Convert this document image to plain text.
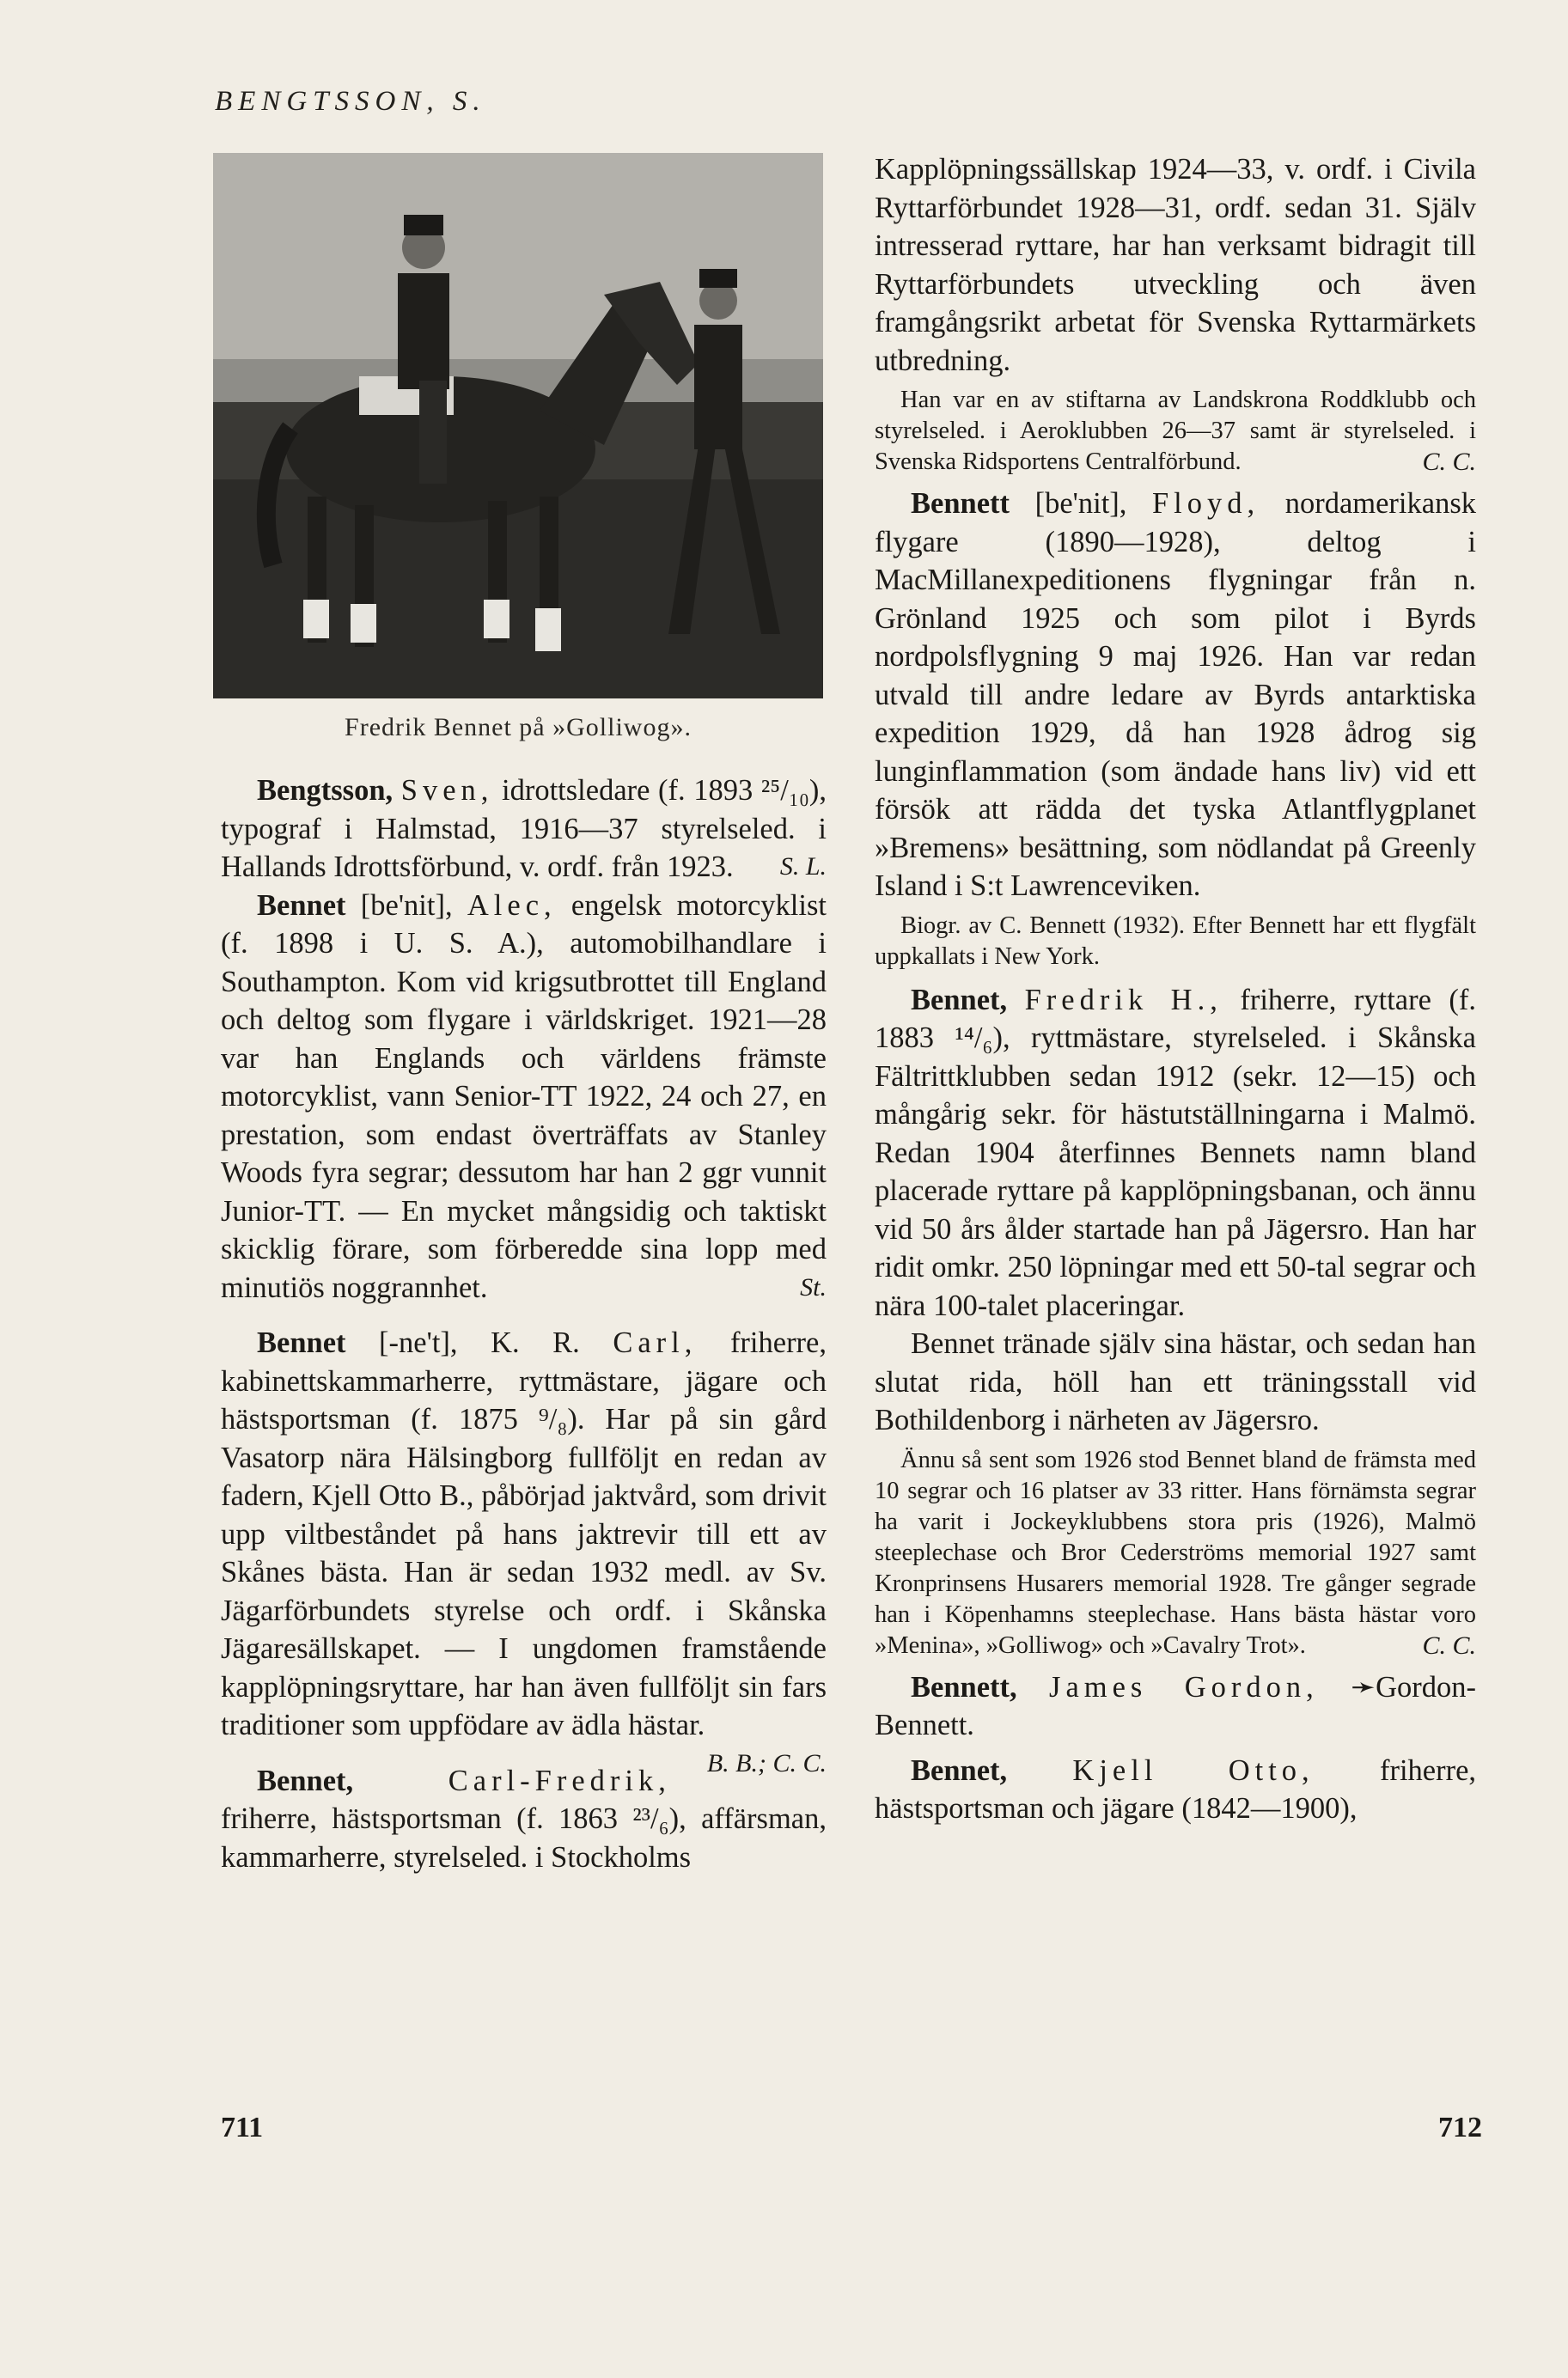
BENGTSSON, S.
Fredrik Bennet på »Golliwog».

Bengtsson, Sven, idrottsledare (f. 1893 ²⁵/₁₀), typograf i Halmstad, 1916—37 styrelseled. i Hallands Idrottsförbund, v. ordf. från 1923.	S. L.

Bennet [be'nit], Alec, engelsk motorcyklist (f. 1898 i U. S. A.), automobilhandlare i Southampton. Kom vid krigsutbrottet till England och deltog som flygare i världskriget. 1921—28 var han Englands och världens främste motorcyklist, vann Senior-TT 1922, 24 och 27, en prestation, som endast överträffats av Stanley Woods fyra segrar; dessutom har han 2 ggr vunnit Junior-TT. — En mycket mångsidig och taktiskt skicklig förare, som förberedde sina lopp med minutiös noggrannhet.	St.

Bennet [-ne't], K. R. Carl, friherre, kabinettskammarherre, ryttmästare, jägare och hästsportsman (f. 1875 ⁹/₈). Har på sin gård Vasatorp nära Hälsingborg fullföljt en redan av fadern, Kjell Otto B., påbörjad jaktvård, som drivit upp viltbeståndet på hans jaktrevir till ett av Skånes bästa. Han är sedan 1932 medl. av Sv. Jägarförbundets styrelse och ordf. i Skånska Jägaresällskapet. — I ungdomen framstående kapplöpningsryttare, har han även fullföljt sin fars traditioner som uppfödare av ädla hästar.
B. B.; C. C.

Bennet,	Carl-Fredrik, friherre, hästsportsman (f. 1863 ²³/₆), affärsman, kammarherre, styrelseled. i Stockholms

Kapplöpningssällskap 1924—33, v. ordf. i Civila Ryttarförbundet 1928—31, ordf. sedan 31. Själv intresserad ryttare, har han verksamt bidragit till Ryttarförbundets utveckling och även framgångsrikt arbetat för Svenska Ryttarmärkets utbredning.

Han var en av stiftarna av Landskrona Roddklubb och styrelseled. i Aeroklubben 26—37 samt är styrelseled. i Svenska Ridsportens Centralförbund.	C. C.

Bennett [be'nit], Floyd, nordamerikansk flygare (1890—1928), deltog i MacMillanexpeditionens flygningar från n. Grönland 1925 och som pilot i Byrds nordpolsflygning 9 maj 1926. Han var redan utvald till andre ledare av Byrds antarktiska expedition 1929, då han 1928 ådrog sig lunginflammation (som ändade hans liv) vid ett försök att rädda det tyska Atlantflygplanet »Bremens» besättning, som nödlandat på Greenly Island i S:t Lawrenceviken.

Biogr. av C. Bennett (1932). Efter Bennett har ett flygfält uppkallats i New York.

Bennet, Fredrik H., friherre, ryttare (f. 1883 ¹⁴/₆), ryttmästare, styrelseled. i Skånska Fältrittklubben sedan 1912 (sekr. 12—15) och mångårig sekr. för hästutställningarna i Malmö. Redan 1904 återfinnes Bennets namn bland placerade ryttare på kapplöpningsbanan, och ännu vid 50 års ålder startade han på Jägersro. Han har ridit omkr. 250 löpningar med ett 50-tal segrar och nära 100-talet placeringar.

Bennet tränade själv sina hästar, och sedan han slutat rida, höll han ett träningsstall vid Bothildenborg i närheten av Jägersro.

Ännu så sent som 1926 stod Bennet bland de främsta med 10 segrar och 16 platser av 33 ritter. Hans förnämsta segrar ha varit i Jockeyklubbens stora pris (1926), Malmö steeplechase och Bror Cederströms memorial 1927 samt Kronprinsens Husarers memorial 1928. Tre gånger segrade han i Köpenhamns steeplechase. Hans bästa hästar voro »Menina», »Golliwog» och »Cavalry Trot».	C. C.

Bennett, James Gordon, ➛Gordon-Bennett.

Bennet, Kjell Otto, friherre, hästsportsman och jägare (1842—1900),

711	712
